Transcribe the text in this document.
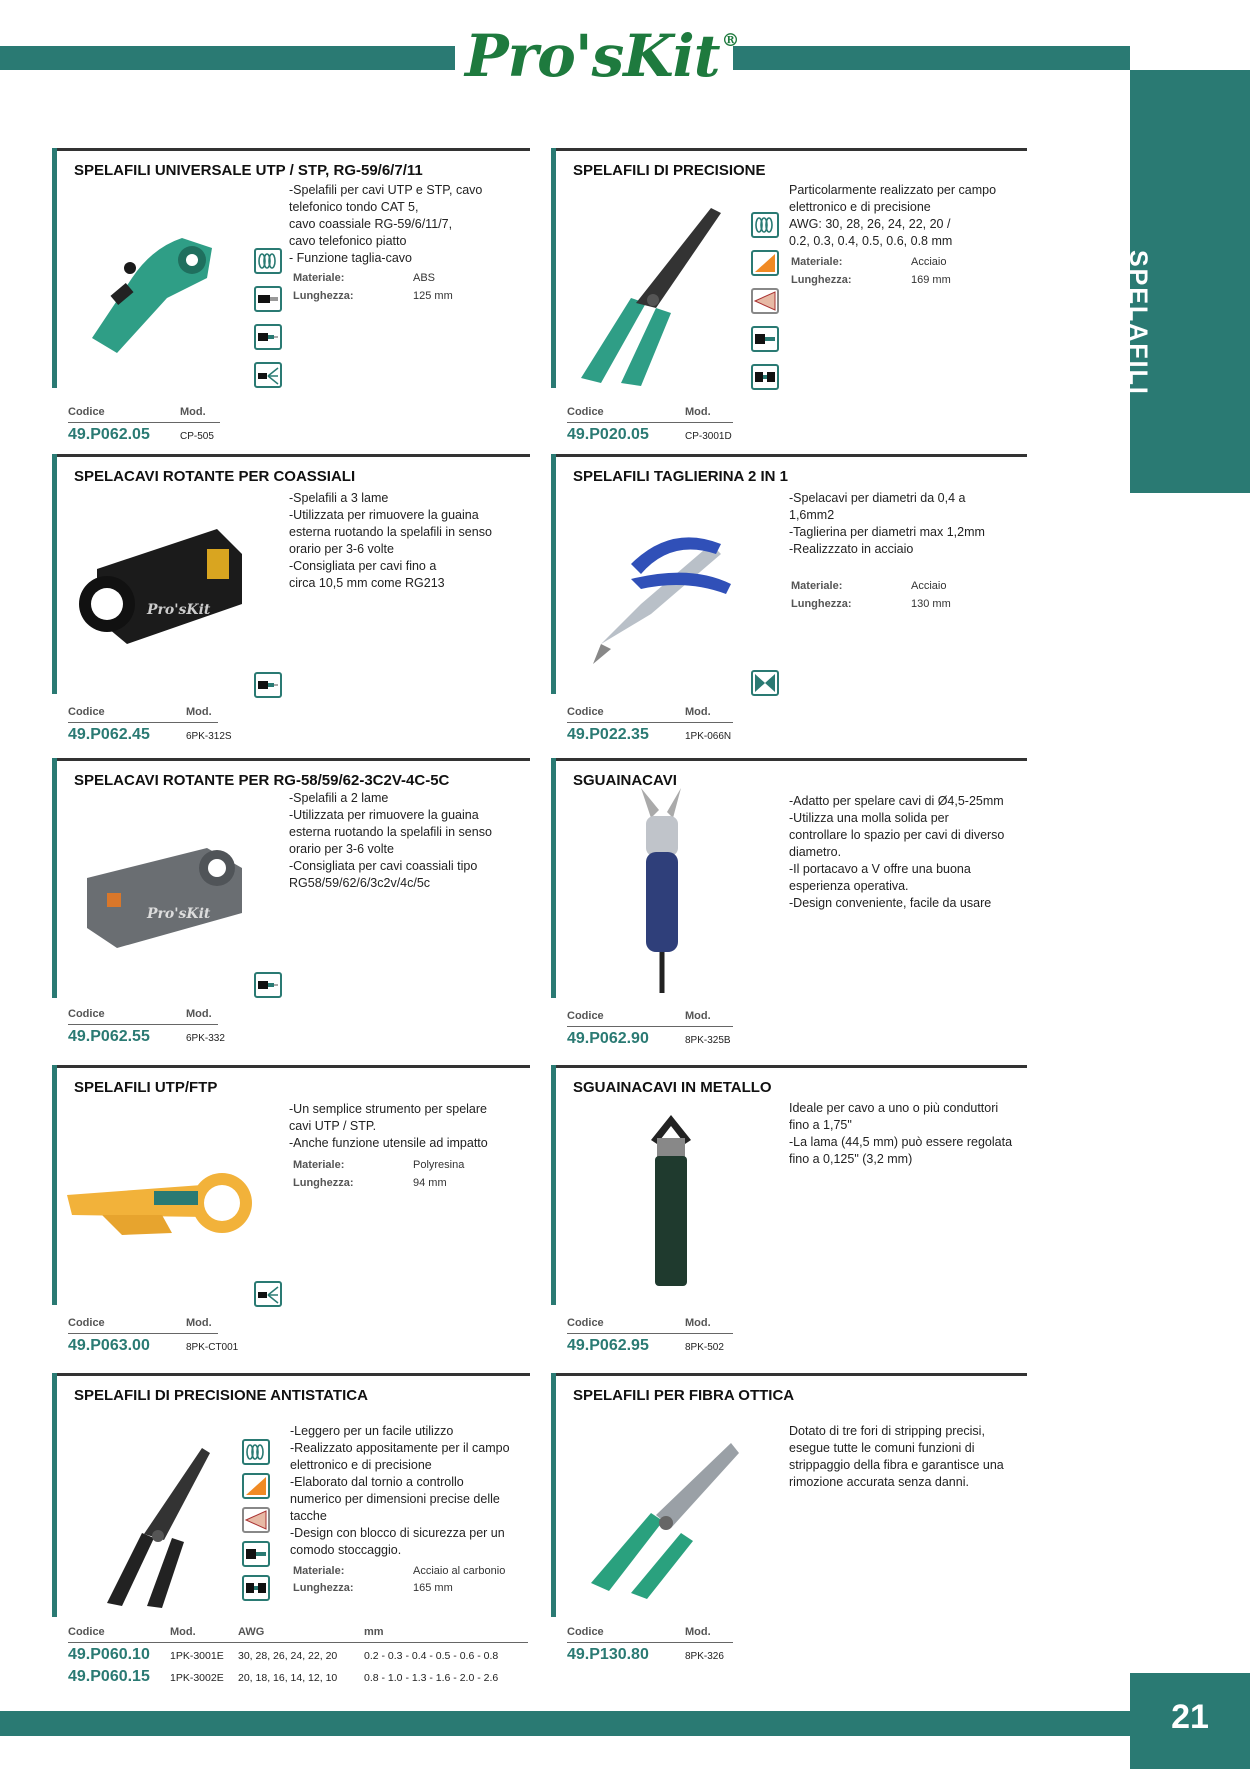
Pro'sKit ®
SPELAFILI
SPELAFILI UNIVERSALE UTP / STP, RG-59/6/7/11
-Spelafili per cavi UTP e STP, cavo
telefonico tondo CAT 5,
cavo coassiale RG-59/6/11/7,
cavo telefonico piatto
- Funzione taglia-cavo
Materiale:	ABS
Lunghezza:	125 mm
Codice	Mod.
49.P062.05	CP-505
SPELAFILI DI PRECISIONE
Particolarmente realizzato per campo
elettronico e di precisione
AWG: 30, 28, 26, 24, 22, 20 /
0.2, 0.3, 0.4, 0.5, 0.6, 0.8 mm
Materiale:	Acciaio
Lunghezza:	169 mm
Codice	Mod.
49.P020.05	CP-3001D
SPELACAVI ROTANTE PER COASSIALI
-Spelafili a 3 lame
-Utilizzata per rimuovere la guaina
esterna ruotando la spelafili in senso
orario per 3-6 volte
-Consigliata per cavi fino a
circa 10,5 mm come RG213
Pro'sKit
Codice	Mod.
49.P062.45	6PK-312S
SPELAFILI TAGLIERINA 2 IN 1
-Spelacavi per diametri da 0,4 a
1,6mm2
-Taglierina per diametri max 1,2mm
-Realizzzato in acciaio
Materiale:	Acciaio
Lunghezza:	130 mm
Codice	Mod.
49.P022.35	1PK-066N
SPELACAVI ROTANTE PER RG-58/59/62-3C2V-4C-5C
-Spelafili a 2 lame
-Utilizzata per rimuovere la guaina
esterna ruotando la spelafili in senso
orario per 3-6 volte
-Consigliata per cavi coassiali tipo
RG58/59/62/6/3c2v/4c/5c
Pro'sKit
Codice	Mod.
49.P062.55	6PK-332
SGUAINACAVI
-Adatto per spelare cavi di Ø4,5-25mm
-Utilizza una molla solida per
controllare lo spazio per cavi di diverso
diametro.
-Il portacavo a V offre una buona
esperienza operativa.
-Design conveniente, facile da usare
Codice	Mod.
49.P062.90	8PK-325B
SPELAFILI UTP/FTP
-Un semplice strumento per spelare
cavi UTP / STP.
-Anche funzione utensile ad impatto
Materiale:	Polyresina
Lunghezza:	94 mm
Codice	Mod.
49.P063.00	8PK-CT001
SGUAINACAVI IN METALLO
Ideale per cavo a uno o più conduttori
fino a 1,75"
-La lama (44,5 mm) può essere regolata
fino a 0,125" (3,2 mm)
Codice	Mod.
49.P062.95	8PK-502
SPELAFILI DI PRECISIONE ANTISTATICA
-Leggero per un facile utilizzo
-Realizzato appositamente per il campo
elettronico e di precisione
-Elaborato dal tornio a controllo
numerico per dimensioni precise delle
tacche
-Design con blocco di sicurezza per un
comodo stoccaggio.
Materiale:	Acciaio al carbonio
Lunghezza:	165 mm
Codice	Mod.	AWG	mm
49.P060.10 1PK-3001E 30, 28, 26, 24, 22, 20	0.2 - 0.3 - 0.4 - 0.5 - 0.6 - 0.8
49.P060.15 1PK-3002E 20, 18, 16, 14, 12, 10	0.8 - 1.0 - 1.3 - 1.6 - 2.0 - 2.6
SPELAFILI PER FIBRA OTTICA
Dotato di tre fori di stripping precisi,
esegue tutte le comuni funzioni di
strippaggio della fibra e garantisce una
rimozione accurata senza danni.
Codice	Mod.
49.P130.80	8PK-326
21
